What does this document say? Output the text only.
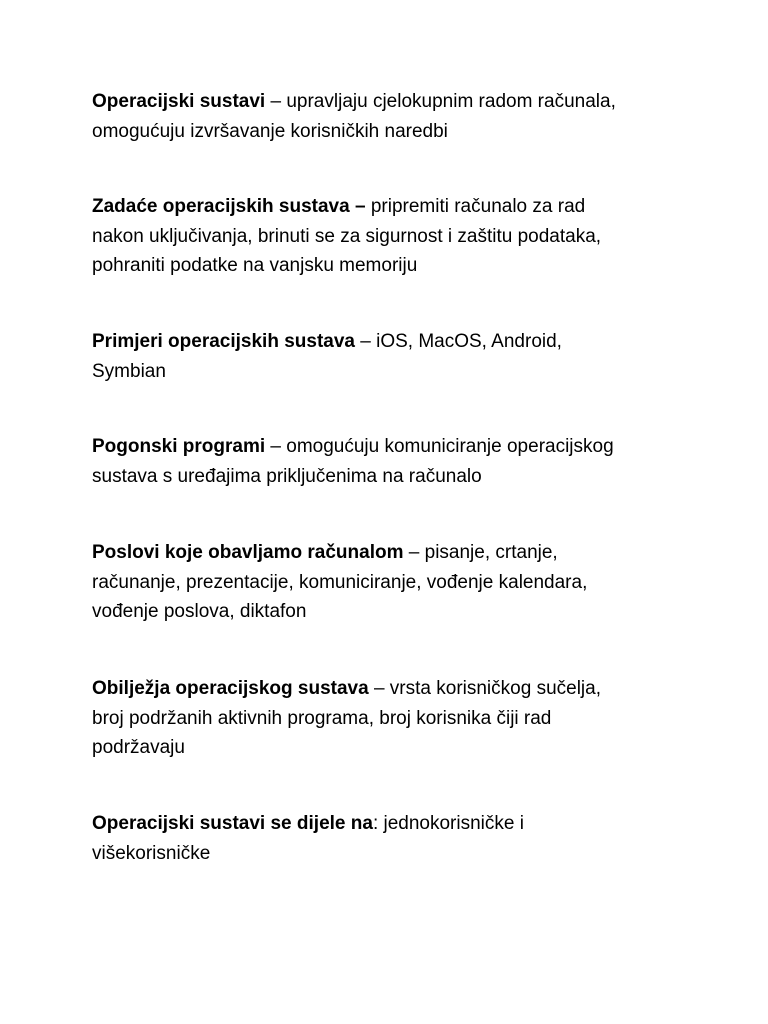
Operacijski sustavi – upravljaju cjelokupnim radom računala,
omogućuju izvršavanje korisničkih naredbi

Zadaće operacijskih sustava – pripremiti računalo za rad
nakon uključivanja, brinuti se za sigurnost i zaštitu podataka,
pohraniti podatke na vanjsku memoriju

Primjeri operacijskih sustava – iOS, MacOS, Android,
Symbian

Pogonski programi – omogućuju komuniciranje operacijskog
sustava s uređajima priključenima na računalo

Poslovi koje obavljamo računalom – pisanje, crtanje,
računanje, prezentacije, komuniciranje, vođenje kalendara,
vođenje poslova, diktafon

Obilježja operacijskog sustava – vrsta korisničkog sučelja,
broj podržanih aktivnih programa, broj korisnika čiji rad
podržavaju

Operacijski sustavi se dijele na: jednokorisničke i
višekorisničke
